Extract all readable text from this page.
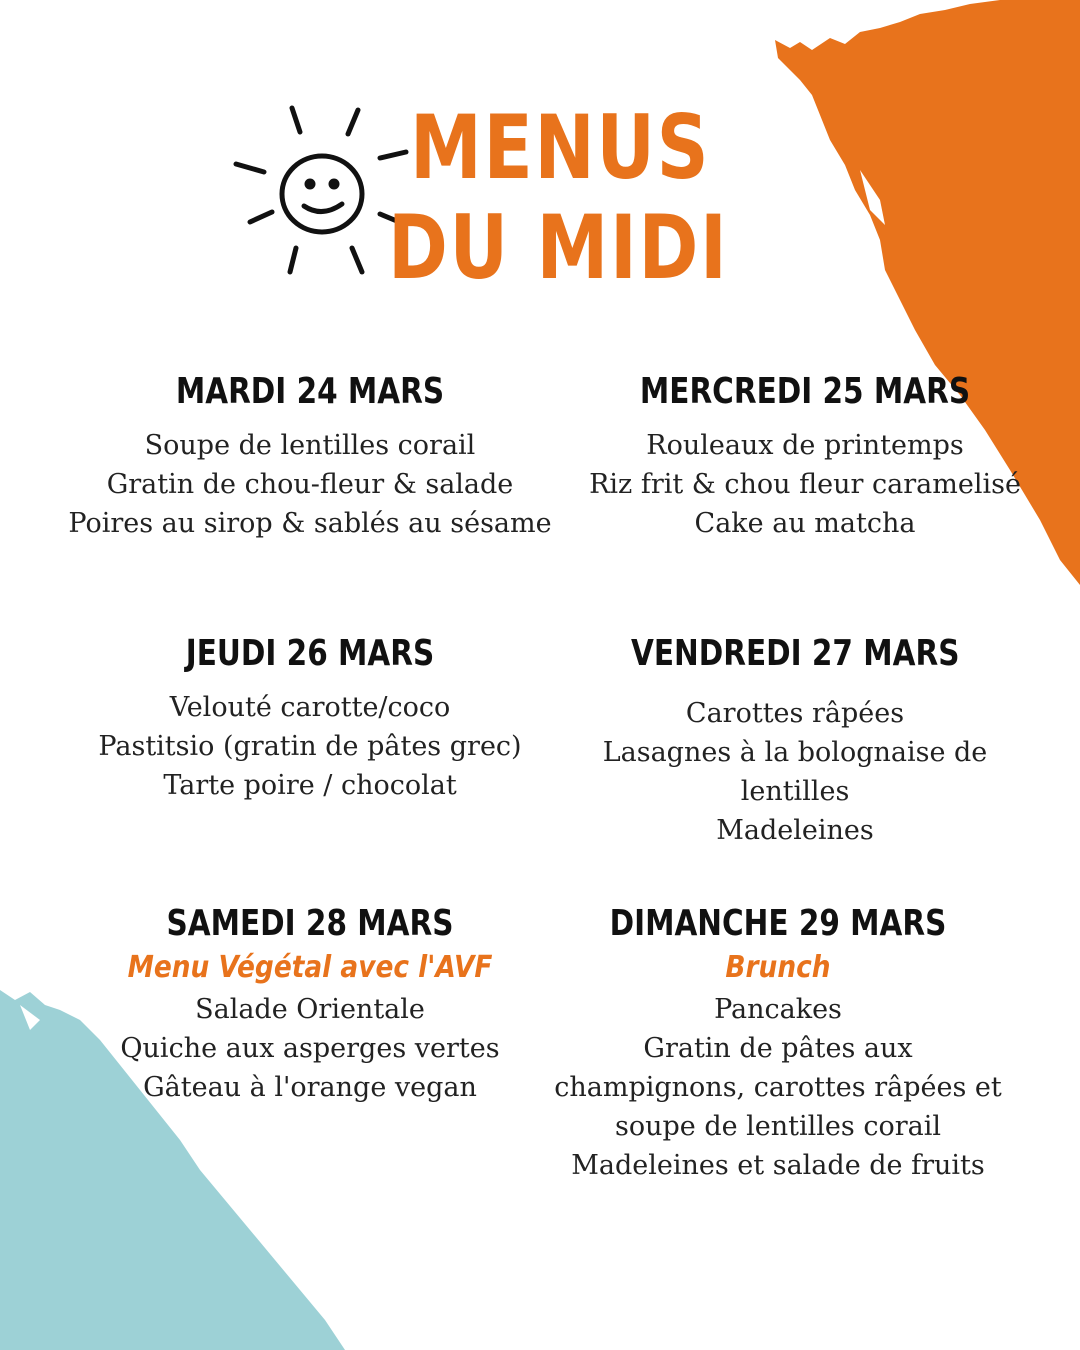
MENUS
DU MIDI

MARDI 24 MARS

Soupe de lentilles corail

Gratin de chou-fleur & salade

Poires au sirop & sablés au sésame

MERCREDI 25 MARS

Rouleaux de printemps

Riz frit & chou fleur caramelisé

Cake au matcha

JEUDI 26 MARS

Velouté carotte/coco

Pastitsio (gratin de pâtes grec)

Tarte poire / chocolat

VENDREDI 27 MARS

Carottes râpées

Lasagnes à la bolognaise de

lentilles

Madeleines

SAMEDI 28 MARS

Menu Végétal avec l'AVF

Salade Orientale

Quiche aux asperges vertes

Gâteau à l'orange vegan

DIMANCHE 29 MARS

Brunch

Pancakes

Gratin de pâtes aux

champignons, carottes râpées et

soupe de lentilles corail

Madeleines et salade de fruits
